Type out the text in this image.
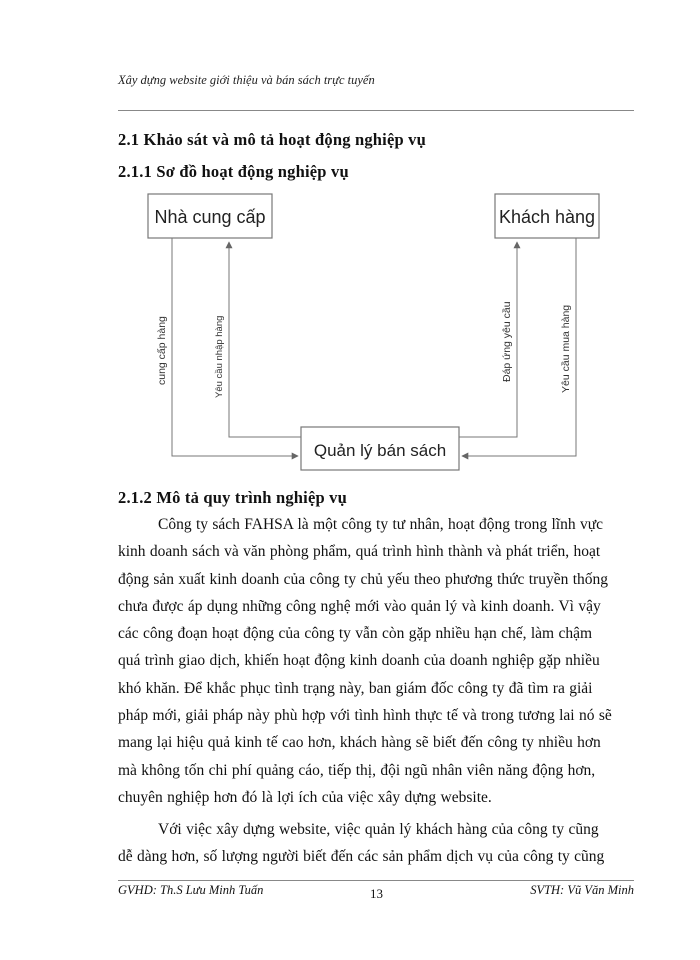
Xây dựng website giới thiệu và bán sách trực tuyến
2.1 Khảo sát và mô tả hoạt động nghiệp vụ
2.1.1 Sơ đồ hoạt động nghiệp vụ
Nhà cung cấp	Khách hàng
Quản lý bán sách
cung cấp hàng	Yêu cầu nhập hàng	Đáp ứng yêu cầu	Yêu cầu mua hàng
2.1.2 Mô tả quy trình nghiệp vụ
Công ty sách FAHSA là một công ty tư nhân, hoạt động trong lĩnh vực
kinh doanh sách và văn phòng phẩm, quá trình hình thành và phát triển, hoạt
động sản xuất kinh doanh của công ty chủ yếu theo phương thức truyền thống
chưa được áp dụng những công nghệ mới vào quản lý và kinh doanh. Vì vậy
các công đoạn hoạt động của công ty vẫn còn gặp nhiều hạn chế, làm chậm
quá trình giao dịch, khiến hoạt động kinh doanh của doanh nghiệp gặp nhiều
khó khăn. Để khắc phục tình trạng này, ban giám đốc công ty đã tìm ra giải
pháp mới, giải pháp này phù hợp với tình hình thực tế và trong tương lai nó sẽ
mang lại hiệu quả kinh tế cao hơn, khách hàng sẽ biết đến công ty nhiều hơn
mà không tốn chi phí quảng cáo, tiếp thị, đội ngũ nhân viên năng động hơn,
chuyên nghiệp hơn đó là lợi ích của việc xây dựng website.
Với việc xây dựng website, việc quản lý khách hàng của công ty cũng
dễ dàng hơn, số lượng người biết đến các sản phẩm dịch vụ của công ty cũng
GVHD: Th.S Lưu Minh Tuấn	13	SVTH: Vũ Văn Minh
